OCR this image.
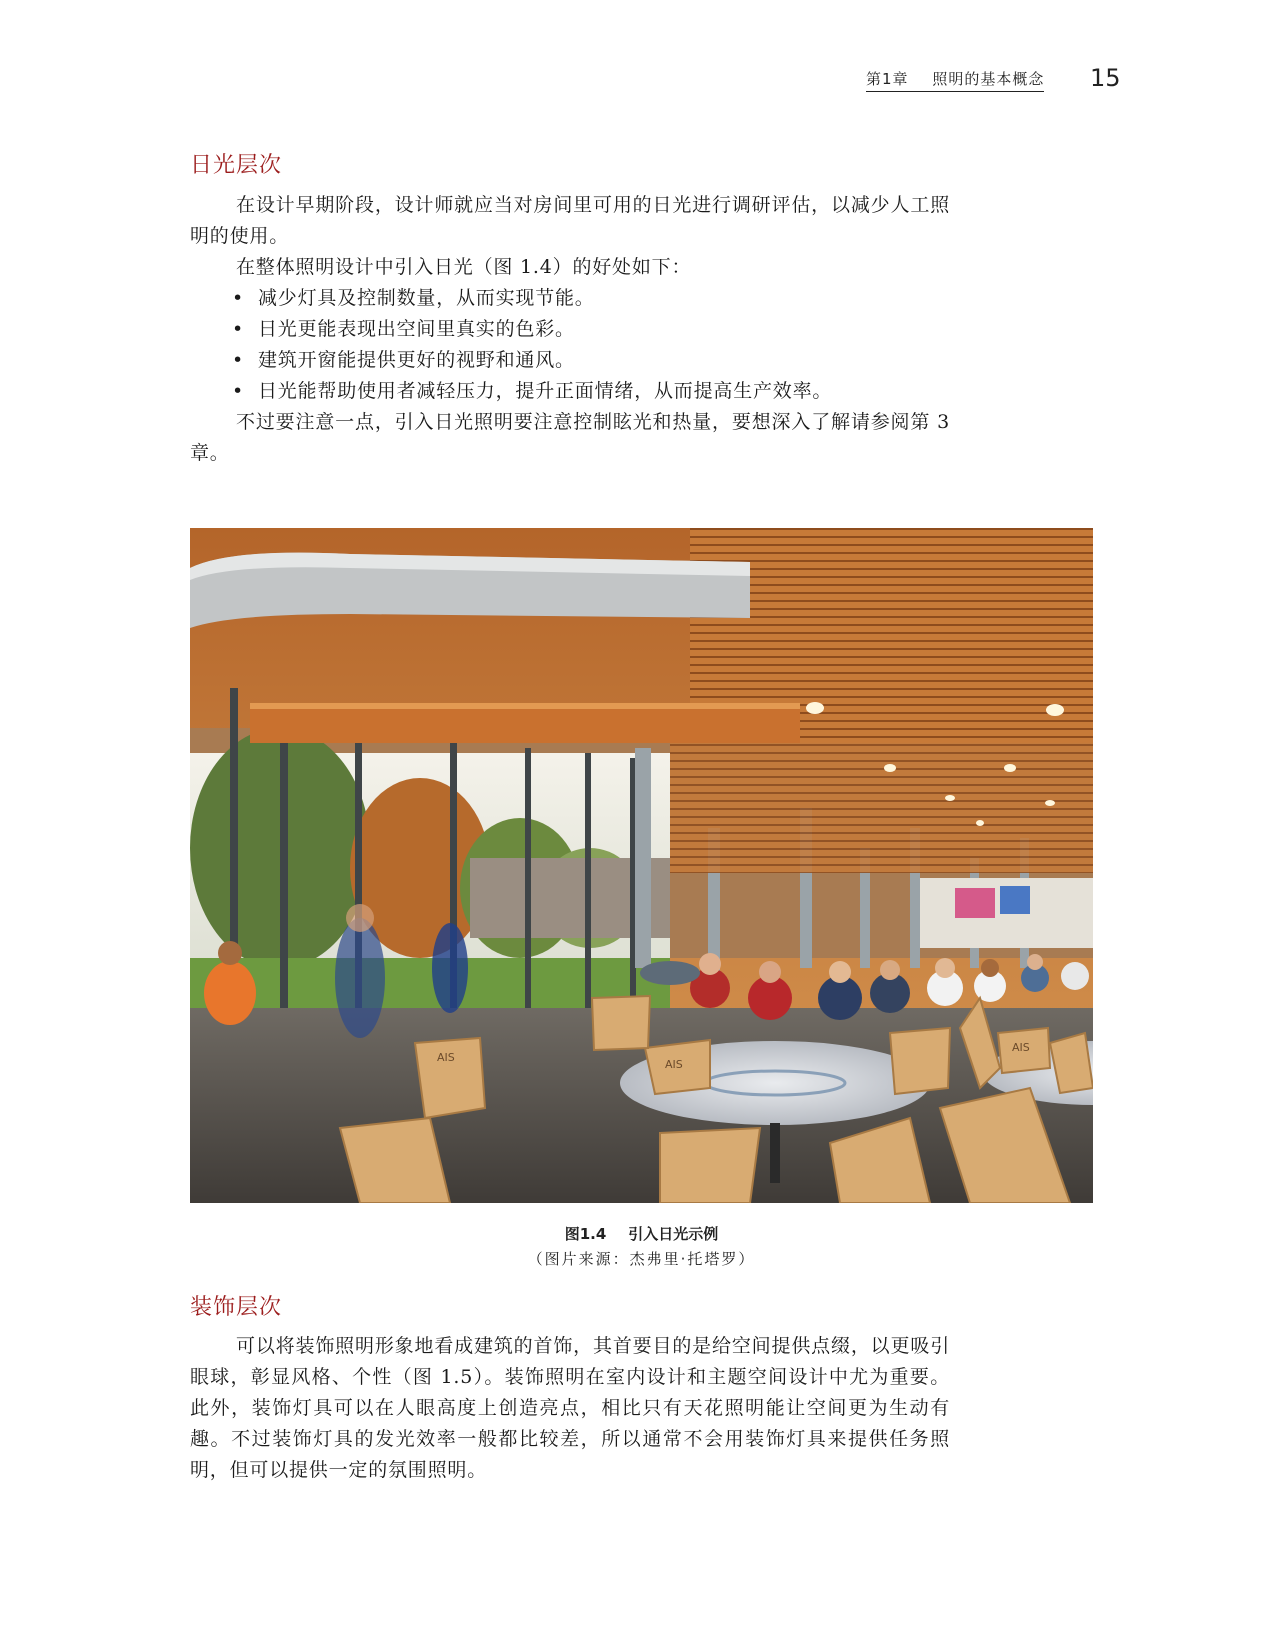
第1章 照明的基本概念 15
日光层次

在设计早期阶段，设计师就应当对房间里可用的日光进行调研评估，以减少人工照明的使用。

在整体照明设计中引入日光（图 1.4）的好处如下：

• 减少灯具及控制数量，从而实现节能。
• 日光更能表现出空间里真实的色彩。
• 建筑开窗能提供更好的视野和通风。
• 日光能帮助使用者减轻压力，提升正面情绪，从而提高生产效率。

不过要注意一点，引入日光照明要注意控制眩光和热量，要想深入了解请参阅第 3 章。

AIS
AIS
AIS
图1.4 引入日光示例
（图片来源：杰弗里·托塔罗）
装饰层次

可以将装饰照明形象地看成建筑的首饰，其首要目的是给空间提供点缀，以更吸引眼球，彰显风格、个性（图 1.5）。装饰照明在室内设计和主题空间设计中尤为重要。此外，装饰灯具可以在人眼高度上创造亮点，相比只有天花照明能让空间更为生动有趣。不过装饰灯具的发光效率一般都比较差，所以通常不会用装饰灯具来提供任务照明，但可以提供一定的氛围照明。
